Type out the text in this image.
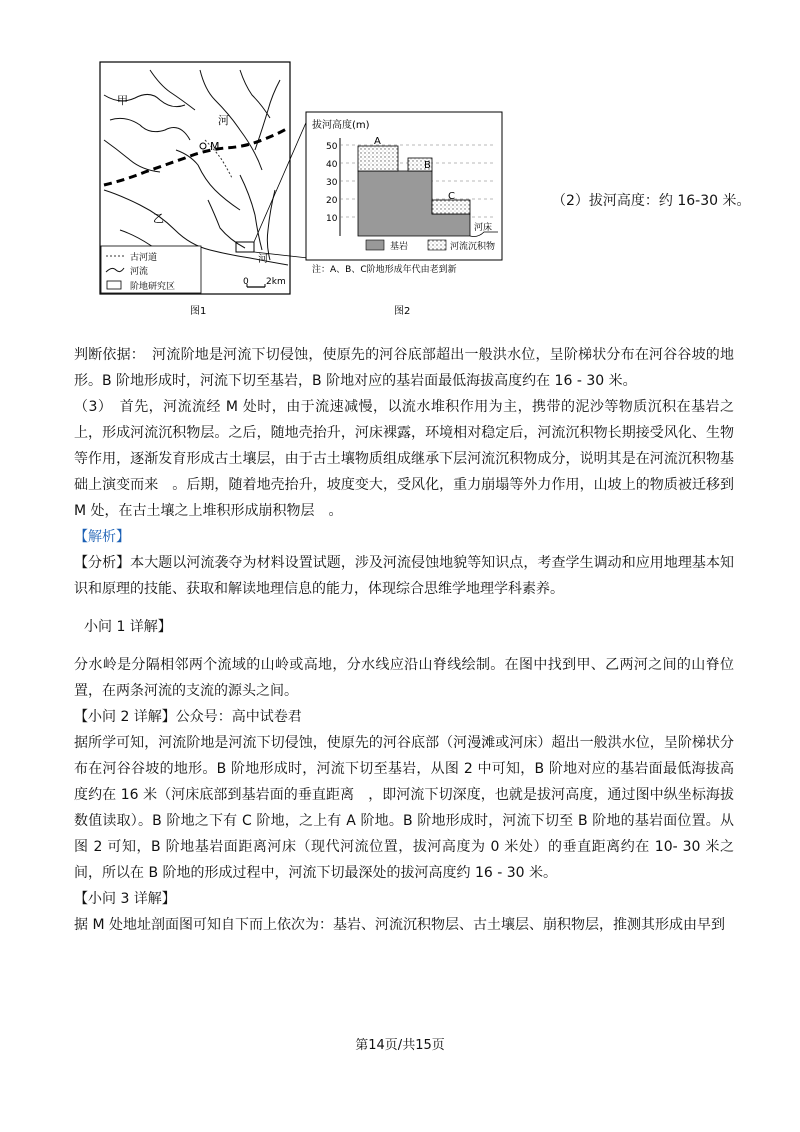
M
甲
河
乙
河
古河道
河流
阶地研究区	0 2km
图1
拔河高度(m)
50
40
30
20
10
A
B
C
河床
基岩	河流沉积物
注：A、B、C阶地形成年代由老到新
图2
（2）拔河高度：约 16-30 米。

判断依据：　河流阶地是河流下切侵蚀，使原先的河谷底部超出一般洪水位，呈阶梯状分布在河谷谷坡的地形。B 阶地形成时，河流下切至基岩，B 阶地对应的基岩面最低海拔高度约在 16 - 30 米。

（3）　首先，河流流经 M 处时，由于流速减慢，以流水堆积作用为主，携带的泥沙等物质沉积在基岩之上，形成河流沉积物层。之后，随地壳抬升，河床裸露，环境相对稳定后，河流沉积物长期接受风化、生物等作用，逐渐发育形成古土壤层，由于古土壤物质组成继承下层河流沉积物成分，说明其是在河流沉积物基础上演变而来　。后期，随着地壳抬升，坡度变大，受风化，重力崩塌等外力作用，山坡上的物质被迁移到 M 处，在古土壤之上堆积形成崩积物层　。

【解析】

【分析】本大题以河流袭夺为材料设置试题，涉及河流侵蚀地貌等知识点，考查学生调动和应用地理基本知识和原理的技能、获取和解读地理信息的能力，体现综合思维学地理学科素养。

小问 1 详解】

分水岭是分隔相邻两个流域的山岭或高地，分水线应沿山脊线绘制。在图中找到甲、乙两河之间的山脊位置，在两条河流的支流的源头之间。

【小问 2 详解】公众号：高中试卷君

据所学可知，河流阶地是河流下切侵蚀，使原先的河谷底部（河漫滩或河床）超出一般洪水位，呈阶梯状分布在河谷谷坡的地形。B 阶地形成时，河流下切至基岩，从图 2 中可知，B 阶地对应的基岩面最低海拔高度约在 16 米（河床底部到基岩面的垂直距离　，即河流下切深度，也就是拔河高度，通过图中纵坐标海拔数值读取）。B 阶地之下有 C 阶地，之上有 A 阶地。B 阶地形成时，河流下切至 B 阶地的基岩面位置。从图 2 可知，B 阶地基岩面距离河床（现代河流位置，拔河高度为 0 米处）的垂直距离约在 10- 30 米之间，所以在 B 阶地的形成过程中，河流下切最深处的拔河高度约 16 - 30 米。

【小问 3 详解】

据 M 处地址剖面图可知自下而上依次为：基岩、河流沉积物层、古土壤层、崩积物层，推测其形成由早到

第14页/共15页
